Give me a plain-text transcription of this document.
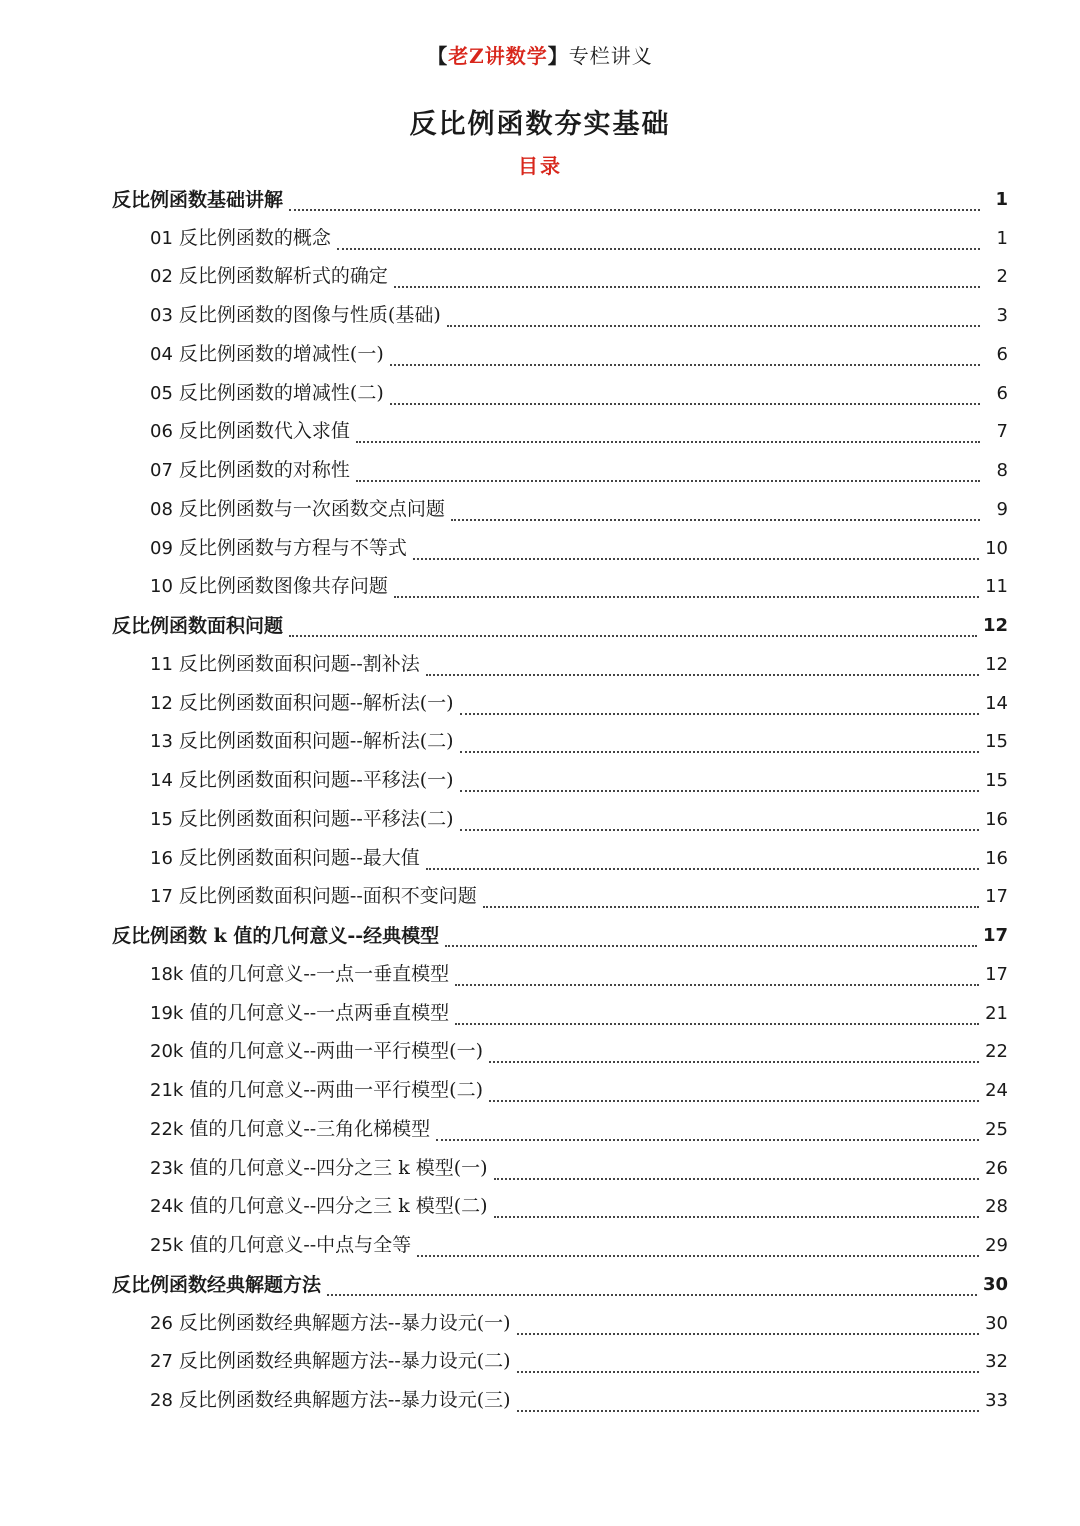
【老Z讲数学】专栏讲义
反比例函数夯实基础
目录
反比例函数基础讲解	1
01 反比例函数的概念	1
02 反比例函数解析式的确定	2
03 反比例函数的图像与性质(基础)	3
04 反比例函数的增减性(一)	6
05 反比例函数的增减性(二)	6
06 反比例函数代入求值	7
07 反比例函数的对称性	8
08 反比例函数与一次函数交点问题	9
09 反比例函数与方程与不等式	10
10 反比例函数图像共存问题	11
反比例函数面积问题	12
11 反比例函数面积问题--割补法	12
12 反比例函数面积问题--解析法(一)	14
13 反比例函数面积问题--解析法(二)	15
14 反比例函数面积问题--平移法(一)	15
15 反比例函数面积问题--平移法(二)	16
16 反比例函数面积问题--最大值	16
17 反比例函数面积问题--面积不变问题	17
反比例函数 k 值的几何意义--经典模型	17
18k 值的几何意义--一点一垂直模型	17
19k 值的几何意义--一点两垂直模型	21
20k 值的几何意义--两曲一平行模型(一)	22
21k 值的几何意义--两曲一平行模型(二)	24
22k 值的几何意义--三角化梯模型	25
23k 值的几何意义--四分之三 k 模型(一)	26
24k 值的几何意义--四分之三 k 模型(二)	28
25k 值的几何意义--中点与全等	29
反比例函数经典解题方法	30
26 反比例函数经典解题方法--暴力设元(一)	30
27 反比例函数经典解题方法--暴力设元(二)	32
28 反比例函数经典解题方法--暴力设元(三)	33
